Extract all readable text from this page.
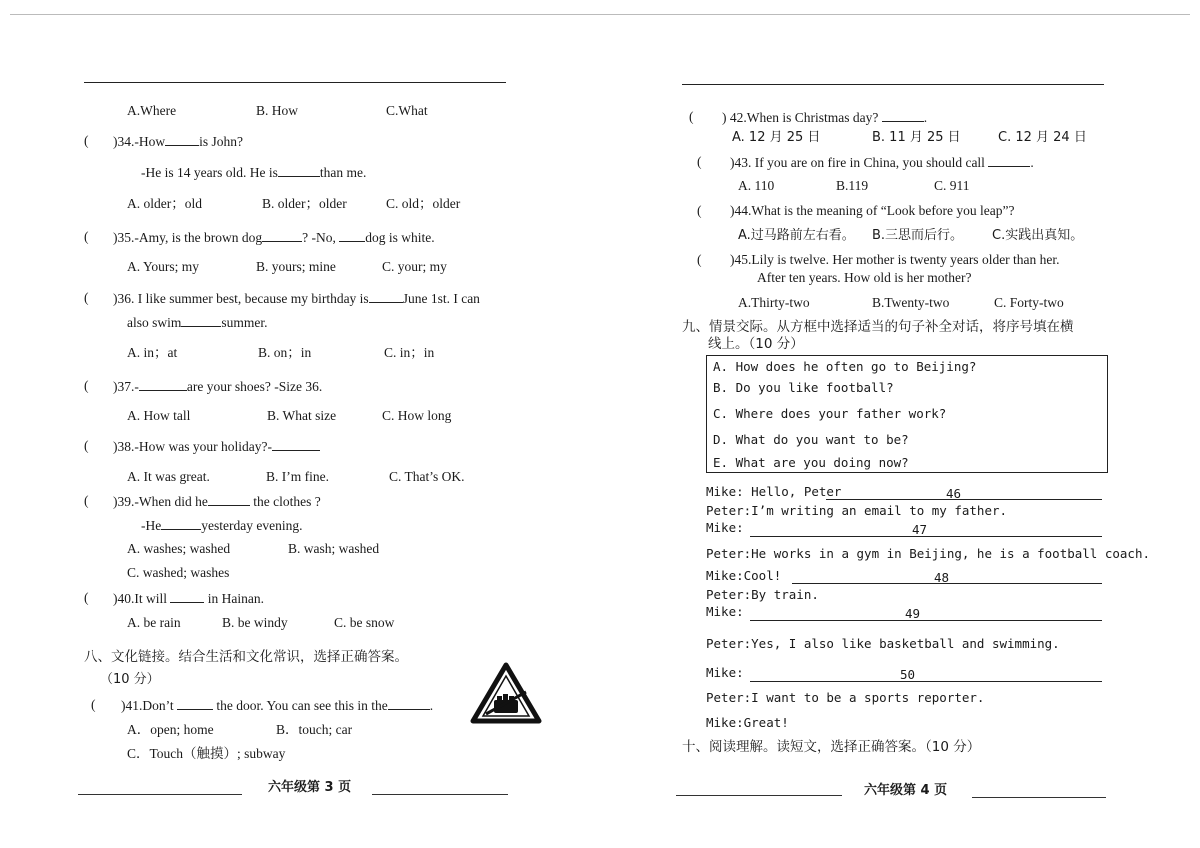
A.Where	B. How	C.What
( )34.-How	is John?
-He is 14 years old. He is	than me.
A. older；old	B. older；older	C. old；older
( )35.-Amy, is the brown dog	? -No, dog is white.
A. Yours; my	B. yours; mine	C. your; my
( )36. I like summer best, because my birthday is	June 1st. I can
also swim	summer.
A. in；at	B. on；in	C. in；in
( )37.-	are your shoes? -Size 36.
A. How tall	B. What size	C. How long
( )38.-How was your holiday?-
A. It was great.	B. I’m fine.	C. That’s OK.
( )39.-When did he	the clothes ?
-He	yesterday evening.
A. washes; washed	B. wash; washed
C. washed; washes
( )40.It will	in Hainan.
A. be rain	B. be windy	C. be snow
八、文化链接。结合生活和文化常识，选择正确答案。
（10 分）
( )41.Don’t	the door. You can see this in the	.
A．open; home	B．touch; car
C．Touch（触摸）; subway
六年级第 3 页
( ) 42.When is Christmas day?	.
A. 12 月 25 日	B. 11 月 25 日	C. 12 月 24 日
( )43. If you are on fire in China, you should call	.
A. 110	B.119	C. 911
( )44.What is the meaning of “Look before you leap”?
A.过马路前左右看。 B.三思而后行。 C.实践出真知。
( )45.Lily is twelve. Her mother is twenty years older than her.
After ten years. How old is her mother?
A.Thirty-two	B.Twenty-two	C. Forty-two
九、情景交际。从方框中选择适当的句子补全对话，将序号填在横
线上。（10 分）
A. How does he often go to Beijing?
B. Do you like football?
C. Where does your father work?
D. What do you want to be?
E. What are you doing now?
Mike: Hello, Peter	46
Peter:I’m writing an email to my father.
Mike:	47
Peter:He works in a gym in Beijing, he is a football coach.
Mike:Cool!	48
Peter:By train.
Mike:	49
Peter:Yes, I also like basketball and swimming.
Mike:	50
Peter:I want to be a sports reporter.
Mike:Great!
十、阅读理解。读短文，选择正确答案。（10 分）
六年级第 4 页
